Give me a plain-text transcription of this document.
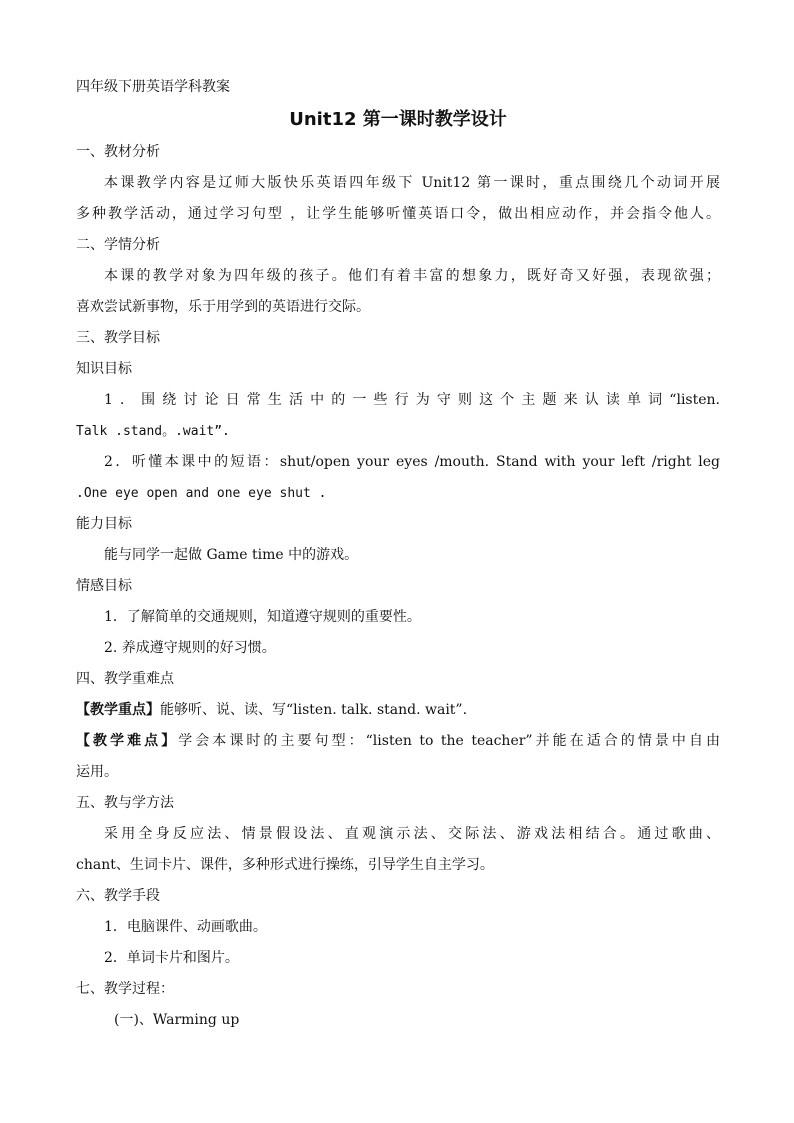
四年级下册英语学科教案
Unit12 第一课时教学设计
一、教材分析
本课教学内容是辽师大版快乐英语四年级下 Unit12 第一课时，重点围绕几个动词开展
多种教学活动，通过学习句型 ，让学生能够听懂英语口令，做出相应动作，并会指令他人。
二、学情分析
本课的教学对象为四年级的孩子。他们有着丰富的想象力，既好奇又好强，表现欲强；
喜欢尝试新事物，乐于用学到的英语进行交际。
三、教学目标
知识目标
1．围绕讨论日常生活中的一些行为守则这个主题来认读单词“listen.
Talk .stand。.wait”.
2．听懂本课中的短语：shut/open your eyes /mouth. Stand with your left /right leg
.One eye open and one eye shut .
能力目标
能与同学一起做 Game time 中的游戏。
情感目标
1．了解简单的交通规则，知道遵守规则的重要性。
2. 养成遵守规则的好习惯。
四、教学重难点
【教学重点】能够听、说、读、写“listen. talk. stand. wait”.
【教学难点】学会本课时的主要句型：“listen to the teacher”并能在适合的情景中自由
运用。
五、教与学方法
采用全身反应法、情景假设法、直观演示法、交际法、游戏法相结合。通过歌曲、
chant、生词卡片、课件，多种形式进行操练，引导学生自主学习。
六、教学手段
1．电脑课件、动画歌曲。
2．单词卡片和图片。
七、教学过程：
(一)、Warming up
